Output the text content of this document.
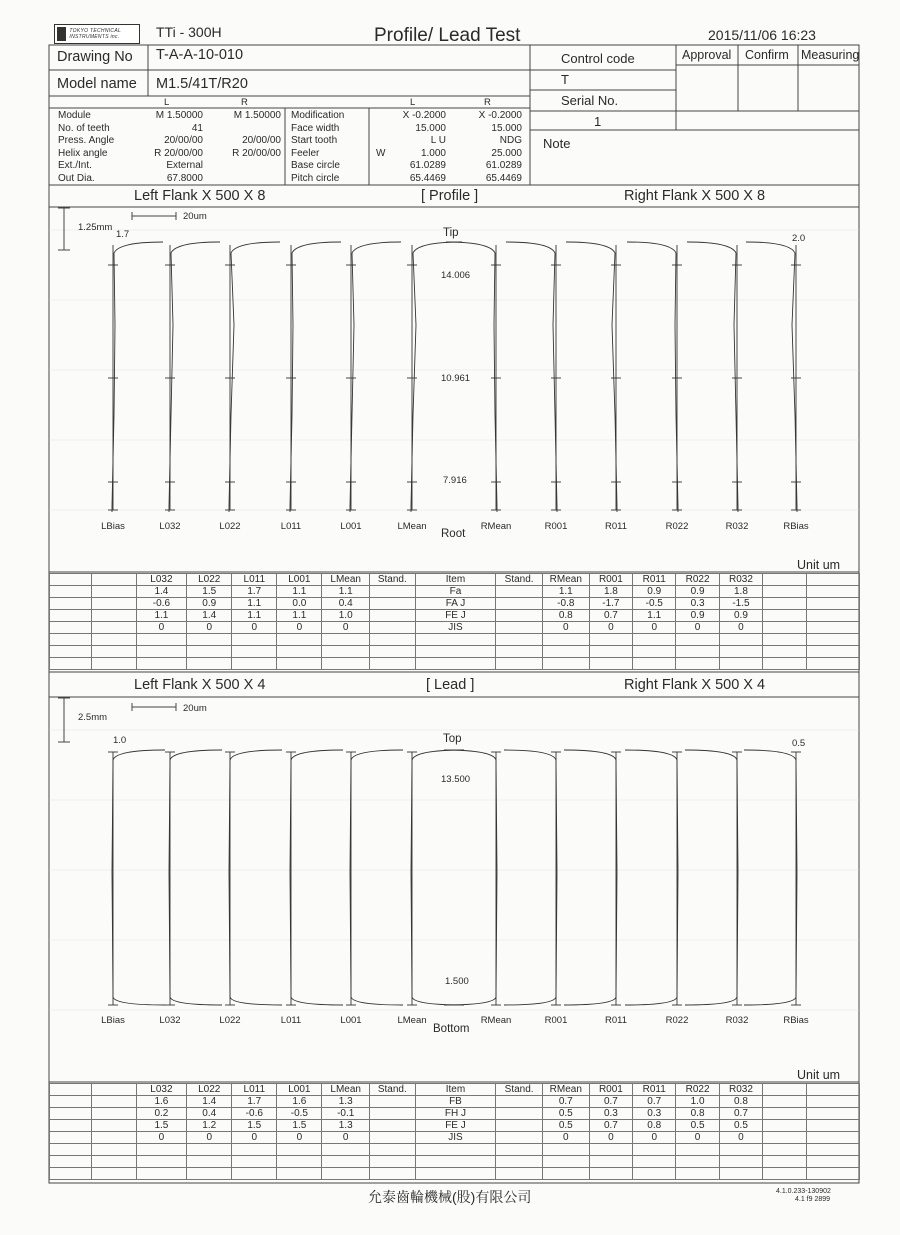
TOKYO TECHNICAL INSTRUMENTS inc.	TTi - 300H	Profile/ Lead Test	2015/11/06 16:23
Drawing No T-A-A-10-010
Model name M1.5/41T/R20
Control code
T
Serial No.
1
Note
Approval Confirm Measuring
L	R	L	R
Module	M 1.50000	M 1.50000
No. of teeth	41
Press. Angle	20/00/00	20/00/00
Helix angle	R 20/00/00	R 20/00/00
Ext./Int.	External
Out Dia.	67.8000
Modification	X -0.2000	X -0.2000
Face width	15.000	15.000
Start tooth	L U	NDG
Feeler	W	1.000	25.000
Base circle	61.0289	61.0289
Pitch circle	65.4469	65.4469
Left Flank X 500 X 8	[ Profile ]	Right Flank X 500 X 8
1.25mm
20um
1.7	2.0
Tip
Root
14.006
10.961
7.916
LBias	L032	L022	L011	L001	LMean	RMean	R001	R011	R022	R032	RBias
Unit um
		L032	L022	L011	L001	LMean	Stand.	Item	Stand.	RMean	R001	R011	R022	R032		
		1.4	1.5	1.7	1.1	1.1		Fa		1.1	1.8	0.9	0.9	1.8		
		-0.6	0.9	1.1	0.0	0.4		FA J		-0.8	-1.7	-0.5	0.3	-1.5		
		1.1	1.4	1.1	1.1	1.0		FE J		0.8	0.7	1.1	0.9	0.9		
		0	0	0	0	0		JIS		0	0	0	0	0		

Left Flank X 500 X 4	[ Lead ]	Right Flank X 500 X 4
2.5mm
20um
1.0	0.5
Top
Bottom
13.500
1.500
LBias	L032	L022	L011	L001	LMean	RMean	R001	R011	R022	R032	RBias
Unit um
		L032	L022	L011	L001	LMean	Stand.	Item	Stand.	RMean	R001	R011	R022	R032		
		1.6	1.4	1.7	1.6	1.3		FB		0.7	0.7	0.7	1.0	0.8		
		0.2	0.4	-0.6	-0.5	-0.1		FH J		0.5	0.3	0.3	0.8	0.7		
		1.5	1.2	1.5	1.5	1.3		FE J		0.5	0.7	0.8	0.5	0.5		
		0	0	0	0	0		JIS		0	0	0	0	0		

允泰齒輪機械(股)有限公司	4.1.0.233-130902
4.1 f9 2899
